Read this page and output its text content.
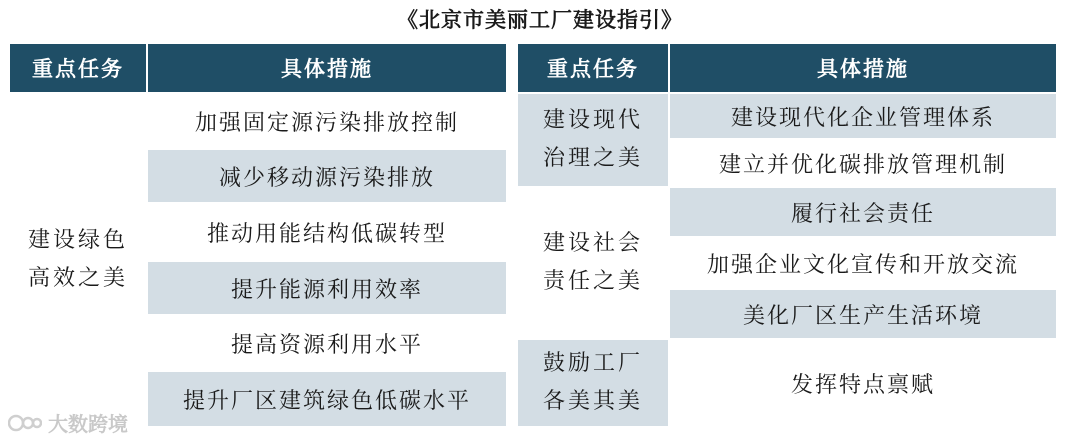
《北京市美丽工厂建设指引》
重点任务	具体措施
建设绿色
高效之美
加强固定源污染排放控制
减少移动源污染排放
推动用能结构低碳转型
提升能源利用效率
提高资源利用水平
提升厂区建筑绿色低碳水平
重点任务	具体措施
建设现代
治理之美
建设现代化企业管理体系
建立并优化碳排放管理机制
建设社会
责任之美
履行社会责任
加强企业文化宣传和开放交流
美化厂区生产生活环境
鼓励工厂
各美其美
发挥特点禀赋
大数跨境
